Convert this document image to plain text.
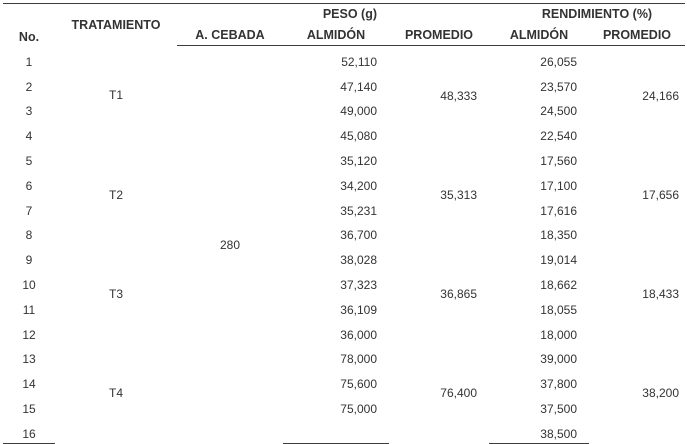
No.	TRATAMIENTO		PESO (g)		RENDIMIENTO (%)	
		A. CEBADA	ALMIDÓN	PROMEDIO	ALMIDÓN	PROMEDIO
1	T1	280	52,110	48,333	26,055	24,166
2			47,140		23,570	
3			49,000		24,500	
4			45,080		22,540	
5	T2		35,120	35,313	17,560	17,656
6			34,200		17,100	
7			35,231		17,616	
8			36,700		18,350	
9	T3		38,028	36,865	19,014	18,433
10			37,323		18,662	
11			36,109		18,055	
12			36,000		18,000	
13	T4		78,000	76,400	39,000	38,200
14			75,600		37,800	
15			75,000		37,500	
16					38,500	
